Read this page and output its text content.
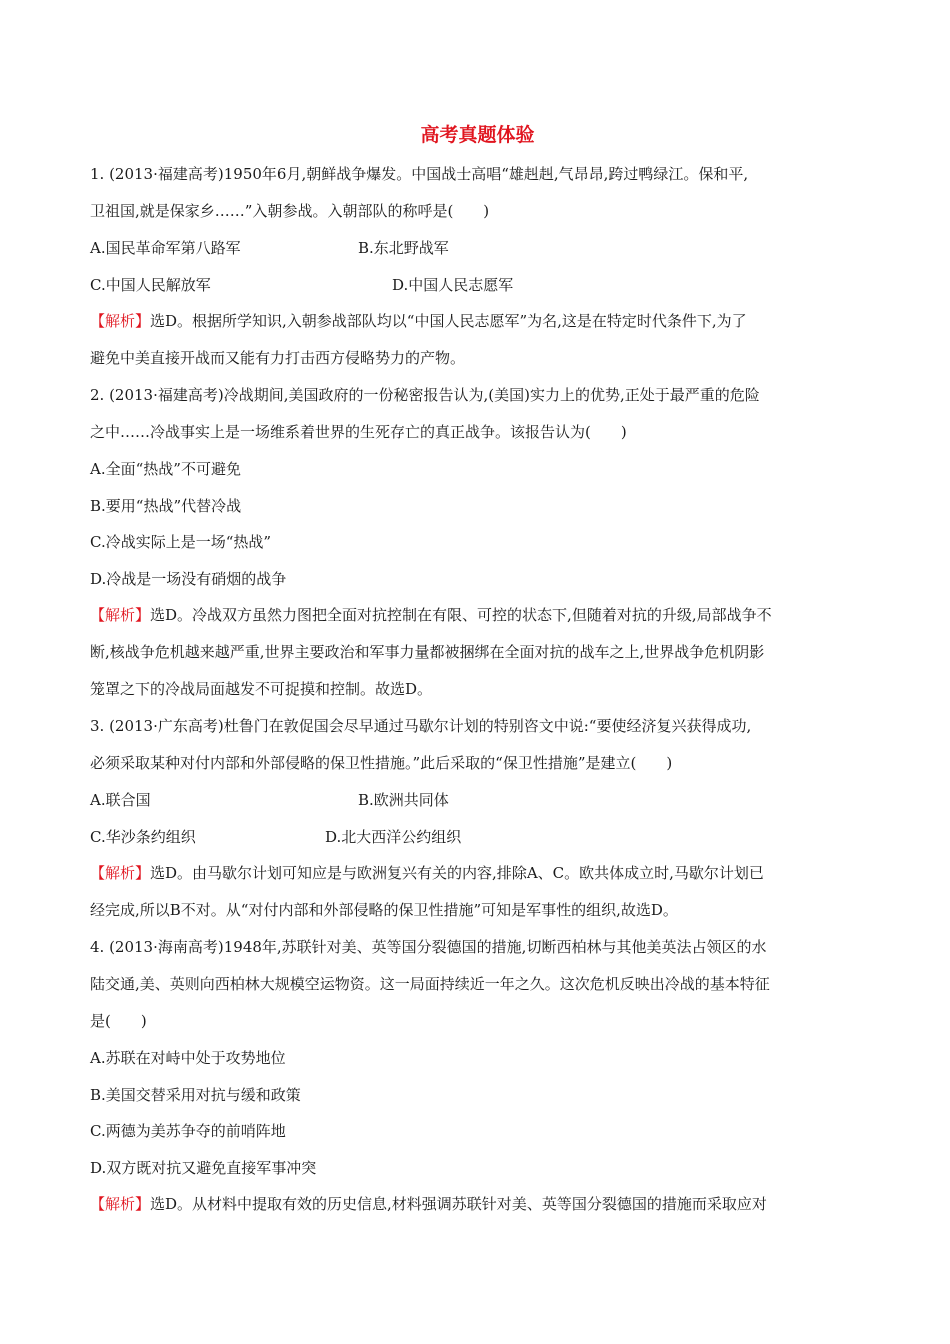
高考真题体验
1. (2013·福建高考)1950年6月,朝鲜战争爆发。中国战士高唱“雄赳赳,气昂昂,跨过鸭绿江。保和平,
卫祖国,就是保家乡……”入朝参战。入朝部队的称呼是(　　)
A.国民革命军第八路军	B.东北野战军
C.中国人民解放军	D.中国人民志愿军
【解析】选D。根据所学知识,入朝参战部队均以“中国人民志愿军”为名,这是在特定时代条件下,为了
避免中美直接开战而又能有力打击西方侵略势力的产物。
2. (2013·福建高考)冷战期间,美国政府的一份秘密报告认为,(美国)实力上的优势,正处于最严重的危险
之中……冷战事实上是一场维系着世界的生死存亡的真正战争。该报告认为(　　)
A.全面“热战”不可避免
B.要用“热战”代替冷战
C.冷战实际上是一场“热战”
D.冷战是一场没有硝烟的战争
【解析】选D。冷战双方虽然力图把全面对抗控制在有限、可控的状态下,但随着对抗的升级,局部战争不
断,核战争危机越来越严重,世界主要政治和军事力量都被捆绑在全面对抗的战车之上,世界战争危机阴影
笼罩之下的冷战局面越发不可捉摸和控制。故选D。
3. (2013·广东高考)杜鲁门在敦促国会尽早通过马歇尔计划的特别咨文中说:“要使经济复兴获得成功,
必须采取某种对付内部和外部侵略的保卫性措施。”此后采取的“保卫性措施”是建立(　　)
A.联合国	B.欧洲共同体
C.华沙条约组织	D.北大西洋公约组织
【解析】选D。由马歇尔计划可知应是与欧洲复兴有关的内容,排除A、C。欧共体成立时,马歇尔计划已
经完成,所以B不对。从“对付内部和外部侵略的保卫性措施”可知是军事性的组织,故选D。
4. (2013·海南高考)1948年,苏联针对美、英等国分裂德国的措施,切断西柏林与其他美英法占领区的水
陆交通,美、英则向西柏林大规模空运物资。这一局面持续近一年之久。这次危机反映出冷战的基本特征
是(　　)
A.苏联在对峙中处于攻势地位
B.美国交替采用对抗与缓和政策
C.两德为美苏争夺的前哨阵地
D.双方既对抗又避免直接军事冲突
【解析】选D。从材料中提取有效的历史信息,材料强调苏联针对美、英等国分裂德国的措施而采取应对
